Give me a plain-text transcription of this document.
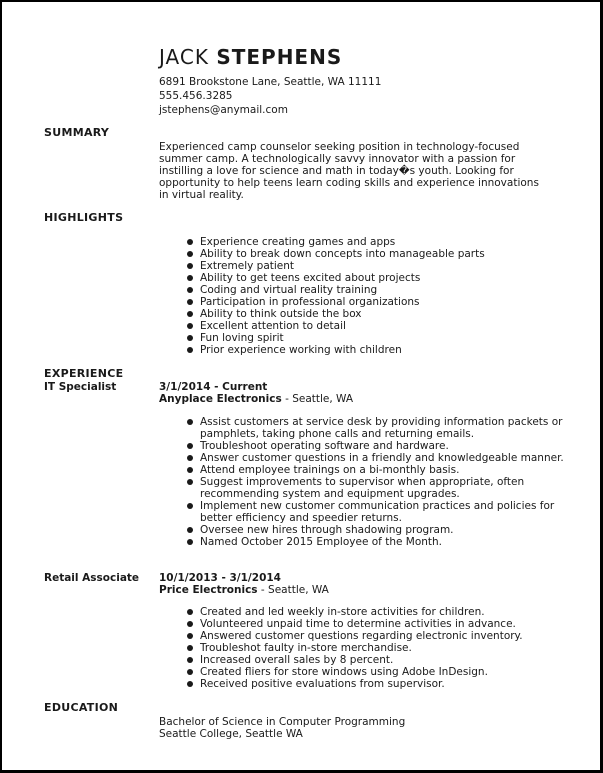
JACK STEPHENS
6891 Brookstone Lane, Seattle, WA 11111
555.456.3285
jstephens@anymail.com
SUMMARY
Experienced camp counselor seeking position in technology-focused summer camp. A technologically savvy innovator with a passion for instilling a love for science and math in today�s youth. Looking for opportunity to help teens learn coding skills and experience innovations in virtual reality.
HIGHLIGHTS
Experience creating games and apps
Ability to break down concepts into manageable parts
Extremely patient
Ability to get teens excited about projects
Coding and virtual reality training
Participation in professional organizations
Ability to think outside the box
Excellent attention to detail
Fun loving spirit
Prior experience working with children
EXPERIENCE
IT Specialist	3/1/2014 - Current
Anyplace Electronics - Seattle, WA
Assist customers at service desk by providing information packets or pamphlets, taking phone calls and returning emails.
Troubleshoot operating software and hardware.
Answer customer questions in a friendly and knowledgeable manner.
Attend employee trainings on a bi-monthly basis.
Suggest improvements to supervisor when appropriate, often recommending system and equipment upgrades.
Implement new customer communication practices and policies for better efficiency and speedier returns.
Oversee new hires through shadowing program.
Named October 2015 Employee of the Month.
Retail Associate 10/1/2013 - 3/1/2014
Price Electronics - Seattle, WA
Created and led weekly in-store activities for children.
Volunteered unpaid time to determine activities in advance.
Answered customer questions regarding electronic inventory.
Troubleshot faulty in-store merchandise.
Increased overall sales by 8 percent.
Created fliers for store windows using Adobe InDesign.
Received positive evaluations from supervisor.
EDUCATION
Bachelor of Science in Computer Programming
Seattle College, Seattle WA
